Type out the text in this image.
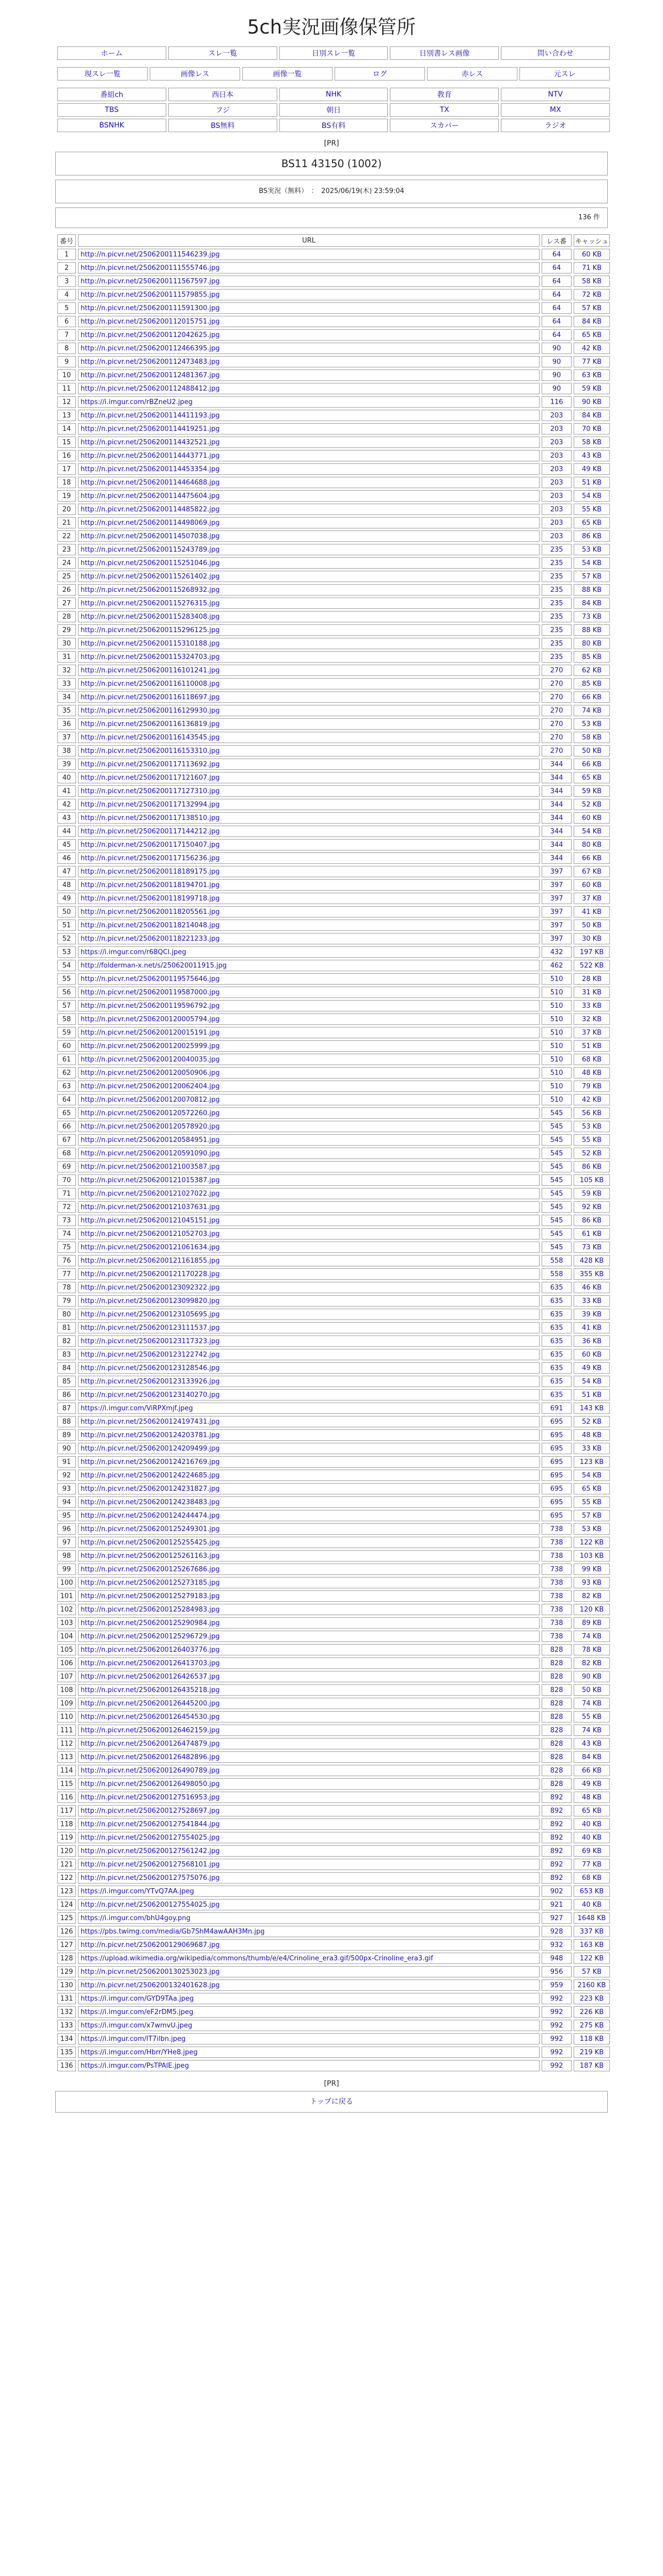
5ch実況画像保管所
ホーム	スレ一覧	日別スレ一覧	日別書レス画像	問い合わせ
現スレ一覧	画像レス	画像一覧	ログ	赤レス	元スレ
番組ch	西日本	NHK	教育	NTV
TBS	フジ	朝日	TX	MX
BSNHK	BS無料	BS有料	スカパー	ラジオ
[PR]
BS11 43150 (1002)
BS実況（無料）　：　2025/06/19(木) 23:59:04
136 件
番号	URL	レス番	キャッシュ
1	http://n.picvr.net/2506200111546239.jpg	64	60 KB
2	http://n.picvr.net/2506200111555746.jpg	64	71 KB
3	http://n.picvr.net/2506200111567597.jpg	64	58 KB
4	http://n.picvr.net/2506200111579855.jpg	64	72 KB
5	http://n.picvr.net/2506200111591300.jpg	64	57 KB
6	http://n.picvr.net/2506200112015751.jpg	64	84 KB
7	http://n.picvr.net/2506200112042625.jpg	64	65 KB
8	http://n.picvr.net/2506200112466395.jpg	90	42 KB
9	http://n.picvr.net/2506200112473483.jpg	90	77 KB
10	http://n.picvr.net/2506200112481367.jpg	90	63 KB
11	http://n.picvr.net/2506200112488412.jpg	90	59 KB
12	https://i.imgur.com/rBZneU2.jpeg	116	90 KB
13	http://n.picvr.net/2506200114411193.jpg	203	84 KB
14	http://n.picvr.net/2506200114419251.jpg	203	70 KB
15	http://n.picvr.net/2506200114432521.jpg	203	58 KB
16	http://n.picvr.net/2506200114443771.jpg	203	43 KB
17	http://n.picvr.net/2506200114453354.jpg	203	49 KB
18	http://n.picvr.net/2506200114464688.jpg	203	51 KB
19	http://n.picvr.net/2506200114475604.jpg	203	54 KB
20	http://n.picvr.net/2506200114485822.jpg	203	55 KB
21	http://n.picvr.net/2506200114498069.jpg	203	65 KB
22	http://n.picvr.net/2506200114507038.jpg	203	86 KB
23	http://n.picvr.net/2506200115243789.jpg	235	53 KB
24	http://n.picvr.net/2506200115251046.jpg	235	54 KB
25	http://n.picvr.net/2506200115261402.jpg	235	57 KB
26	http://n.picvr.net/2506200115268932.jpg	235	88 KB
27	http://n.picvr.net/2506200115276315.jpg	235	84 KB
28	http://n.picvr.net/2506200115283408.jpg	235	73 KB
29	http://n.picvr.net/2506200115296125.jpg	235	88 KB
30	http://n.picvr.net/2506200115310188.jpg	235	80 KB
31	http://n.picvr.net/2506200115324703.jpg	235	85 KB
32	http://n.picvr.net/2506200116101241.jpg	270	62 KB
33	http://n.picvr.net/2506200116110008.jpg	270	85 KB
34	http://n.picvr.net/2506200116118697.jpg	270	66 KB
35	http://n.picvr.net/2506200116129930.jpg	270	74 KB
36	http://n.picvr.net/2506200116136819.jpg	270	53 KB
37	http://n.picvr.net/2506200116143545.jpg	270	58 KB
38	http://n.picvr.net/2506200116153310.jpg	270	50 KB
39	http://n.picvr.net/2506200117113692.jpg	344	66 KB
40	http://n.picvr.net/2506200117121607.jpg	344	65 KB
41	http://n.picvr.net/2506200117127310.jpg	344	59 KB
42	http://n.picvr.net/2506200117132994.jpg	344	52 KB
43	http://n.picvr.net/2506200117138510.jpg	344	60 KB
44	http://n.picvr.net/2506200117144212.jpg	344	54 KB
45	http://n.picvr.net/2506200117150407.jpg	344	80 KB
46	http://n.picvr.net/2506200117156236.jpg	344	66 KB
47	http://n.picvr.net/2506200118189175.jpg	397	67 KB
48	http://n.picvr.net/2506200118194701.jpg	397	60 KB
49	http://n.picvr.net/2506200118199718.jpg	397	37 KB
50	http://n.picvr.net/2506200118205561.jpg	397	41 KB
51	http://n.picvr.net/2506200118214048.jpg	397	50 KB
52	http://n.picvr.net/2506200118221233.jpg	397	30 KB
53	https://i.imgur.com/r68QCl.jpeg	432	197 KB
54	http://folderman-x.net/s/250620011915.jpg	462	522 KB
55	http://n.picvr.net/2506200119575646.jpg	510	28 KB
56	http://n.picvr.net/2506200119587000.jpg	510	31 KB
57	http://n.picvr.net/2506200119596792.jpg	510	33 KB
58	http://n.picvr.net/2506200120005794.jpg	510	32 KB
59	http://n.picvr.net/2506200120015191.jpg	510	37 KB
60	http://n.picvr.net/2506200120025999.jpg	510	51 KB
61	http://n.picvr.net/2506200120040035.jpg	510	68 KB
62	http://n.picvr.net/2506200120050906.jpg	510	48 KB
63	http://n.picvr.net/2506200120062404.jpg	510	79 KB
64	http://n.picvr.net/2506200120070812.jpg	510	42 KB
65	http://n.picvr.net/2506200120572260.jpg	545	56 KB
66	http://n.picvr.net/2506200120578920.jpg	545	53 KB
67	http://n.picvr.net/2506200120584951.jpg	545	55 KB
68	http://n.picvr.net/2506200120591090.jpg	545	52 KB
69	http://n.picvr.net/2506200121003587.jpg	545	86 KB
70	http://n.picvr.net/2506200121015387.jpg	545	105 KB
71	http://n.picvr.net/2506200121027022.jpg	545	59 KB
72	http://n.picvr.net/2506200121037631.jpg	545	92 KB
73	http://n.picvr.net/2506200121045151.jpg	545	86 KB
74	http://n.picvr.net/2506200121052703.jpg	545	61 KB
75	http://n.picvr.net/2506200121061634.jpg	545	73 KB
76	http://n.picvr.net/2506200121161855.jpg	558	428 KB
77	http://n.picvr.net/2506200121170228.jpg	558	355 KB
78	http://n.picvr.net/2506200123092322.jpg	635	46 KB
79	http://n.picvr.net/2506200123099820.jpg	635	33 KB
80	http://n.picvr.net/2506200123105695.jpg	635	39 KB
81	http://n.picvr.net/2506200123111537.jpg	635	41 KB
82	http://n.picvr.net/2506200123117323.jpg	635	36 KB
83	http://n.picvr.net/2506200123122742.jpg	635	60 KB
84	http://n.picvr.net/2506200123128546.jpg	635	49 KB
85	http://n.picvr.net/2506200123133926.jpg	635	54 KB
86	http://n.picvr.net/2506200123140270.jpg	635	51 KB
87	https://i.imgur.com/ViRPXmjf.jpeg	691	143 KB
88	http://n.picvr.net/2506200124197431.jpg	695	52 KB
89	http://n.picvr.net/2506200124203781.jpg	695	48 KB
90	http://n.picvr.net/2506200124209499.jpg	695	33 KB
91	http://n.picvr.net/2506200124216769.jpg	695	123 KB
92	http://n.picvr.net/2506200124224685.jpg	695	54 KB
93	http://n.picvr.net/2506200124231827.jpg	695	65 KB
94	http://n.picvr.net/2506200124238483.jpg	695	55 KB
95	http://n.picvr.net/2506200124244474.jpg	695	57 KB
96	http://n.picvr.net/2506200125249301.jpg	738	53 KB
97	http://n.picvr.net/2506200125255425.jpg	738	122 KB
98	http://n.picvr.net/2506200125261163.jpg	738	103 KB
99	http://n.picvr.net/2506200125267686.jpg	738	99 KB
100	http://n.picvr.net/2506200125273185.jpg	738	93 KB
101	http://n.picvr.net/2506200125279183.jpg	738	82 KB
102	http://n.picvr.net/2506200125284983.jpg	738	120 KB
103	http://n.picvr.net/2506200125290984.jpg	738	89 KB
104	http://n.picvr.net/2506200125296729.jpg	738	74 KB
105	http://n.picvr.net/2506200126403776.jpg	828	78 KB
106	http://n.picvr.net/2506200126413703.jpg	828	82 KB
107	http://n.picvr.net/2506200126426537.jpg	828	90 KB
108	http://n.picvr.net/2506200126435218.jpg	828	50 KB
109	http://n.picvr.net/2506200126445200.jpg	828	74 KB
110	http://n.picvr.net/2506200126454530.jpg	828	55 KB
111	http://n.picvr.net/2506200126462159.jpg	828	74 KB
112	http://n.picvr.net/2506200126474879.jpg	828	43 KB
113	http://n.picvr.net/2506200126482896.jpg	828	84 KB
114	http://n.picvr.net/2506200126490789.jpg	828	66 KB
115	http://n.picvr.net/2506200126498050.jpg	828	49 KB
116	http://n.picvr.net/2506200127516953.jpg	892	48 KB
117	http://n.picvr.net/2506200127528697.jpg	892	65 KB
118	http://n.picvr.net/2506200127541844.jpg	892	40 KB
119	http://n.picvr.net/2506200127554025.jpg	892	40 KB
120	http://n.picvr.net/2506200127561242.jpg	892	69 KB
121	http://n.picvr.net/2506200127568101.jpg	892	77 KB
122	http://n.picvr.net/2506200127575076.jpg	892	68 KB
123	https://i.imgur.com/YTvQ7AA.jpeg	902	653 KB
124	http://n.picvr.net/2506200127554025.jpg	921	40 KB
125	https://i.imgur.com/bhU4goy.png	927	1648 KB
126	https://pbs.twimg.com/media/Gb7ShM4awAAH3Mn.jpg	928	337 KB
127	http://n.picvr.net/2506200129069687.jpg	932	163 KB
128	https://upload.wikimedia.org/wikipedia/commons/thumb/e/e4/Crinoline_era3.gif/500px-Crinoline_era3.gif	948	122 KB
129	http://n.picvr.net/2506200130253023.jpg	956	57 KB
130	http://n.picvr.net/2506200132401628.jpg	959	2160 KB
131	https://i.imgur.com/GYD9TAa.jpeg	992	223 KB
132	https://i.imgur.com/eF2rDM5.jpeg	992	226 KB
133	https://i.imgur.com/x7wmvU.jpeg	992	275 KB
134	https://i.imgur.com/lT7ilbn.jpeg	992	118 KB
135	https://i.imgur.com/Hbrr/YHe8.jpeg	992	219 KB
136	https://i.imgur.com/PsTPAlE.jpeg	992	187 KB
[PR]
トップに戻る
